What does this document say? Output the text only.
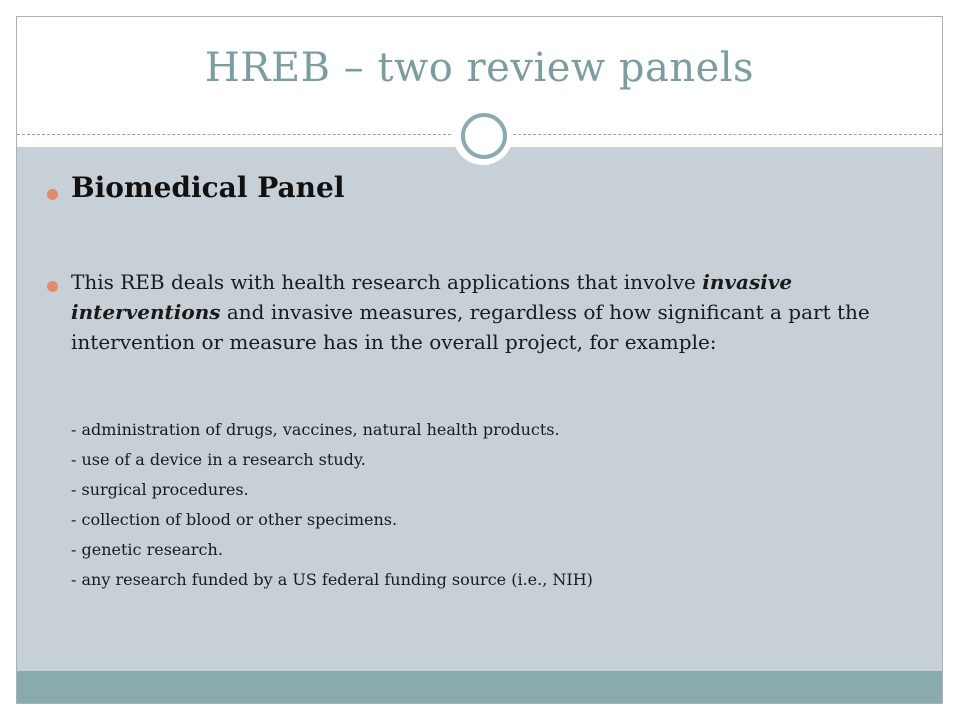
HREB – two review panels
Biomedical Panel
This REB deals with health research applications that involve invasive interventions and invasive measures, regardless of how significant a part the intervention or measure has in the overall project, for example:
- administration of drugs, vaccines, natural health products.
- use of a device in a research study.
- surgical procedures.
- collection of blood or other specimens.
- genetic research.
- any research funded by a US federal funding source (i.e., NIH)
